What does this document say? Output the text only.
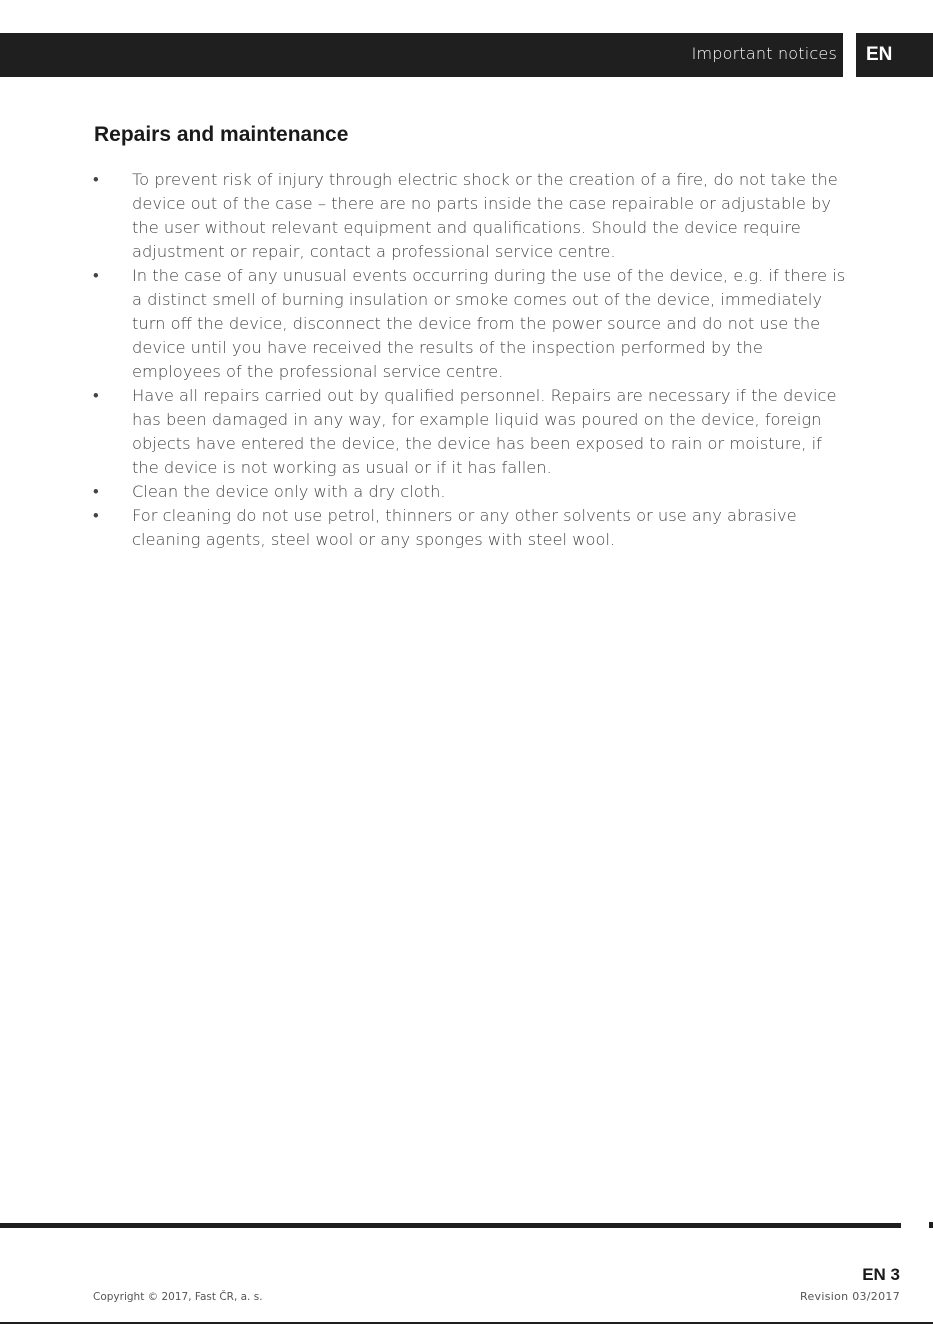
Important notices	EN
Repairs and maintenance
• To prevent risk of injury through electric shock or the creation of a fire, do not take the device out of the case – there are no parts inside the case repairable or adjustable by the user without relevant equipment and qualifications. Should the device require adjustment or repair, contact a professional service centre.
• In the case of any unusual events occurring during the use of the device, e.g. if there is a distinct smell of burning insulation or smoke comes out of the device, immediately turn off the device, disconnect the device from the power source and do not use the device until you have received the results of the inspection performed by the employees of the professional service centre.
• Have all repairs carried out by qualified personnel. Repairs are necessary if the device has been damaged in any way, for example liquid was poured on the device, foreign objects have entered the device, the device has been exposed to rain or moisture, if the device is not working as usual or if it has fallen.
• Clean the device only with a dry cloth.
• For cleaning do not use petrol, thinners or any other solvents or use any abrasive cleaning agents, steel wool or any sponges with steel wool.
EN 3
Revision 03/2017
Copyright © 2017, Fast ČR, a. s.
